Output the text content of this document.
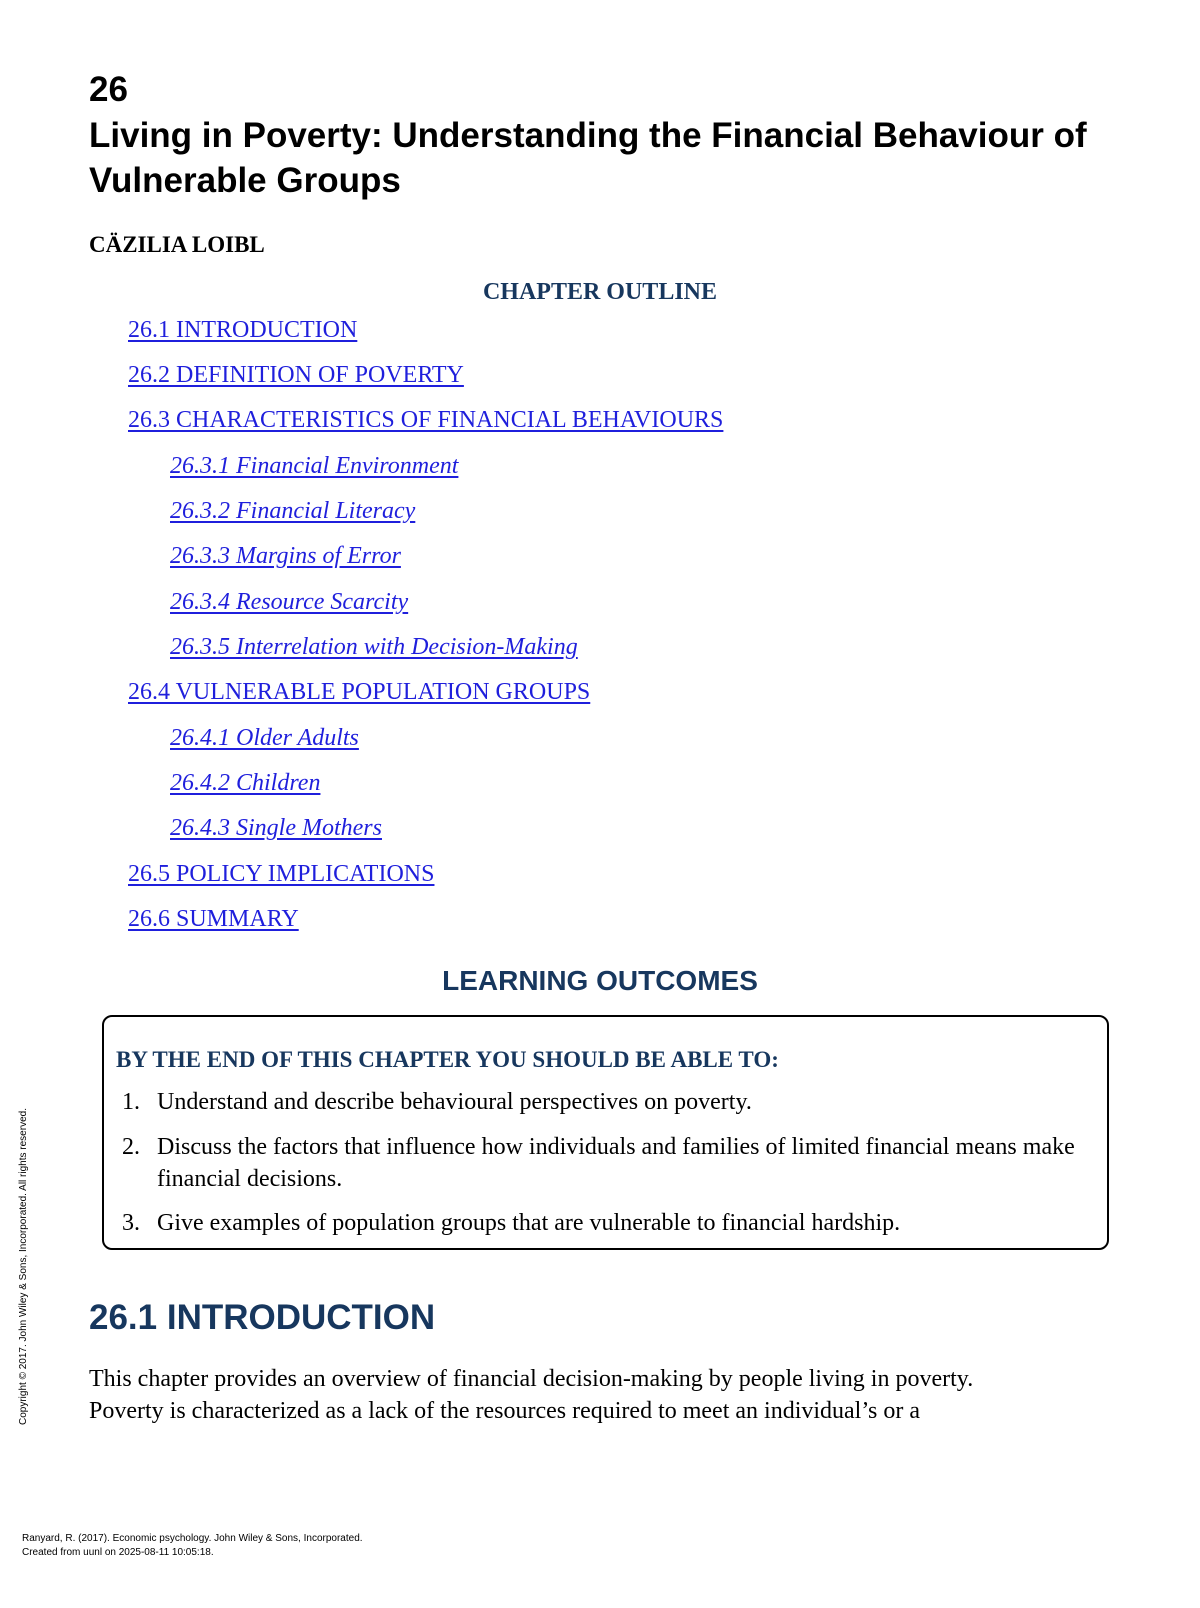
26
Living in Poverty: Understanding the Financial Behaviour of Vulnerable Groups
CÄZILIA LOIBL
CHAPTER OUTLINE
26.1 INTRODUCTION
26.2 DEFINITION OF POVERTY
26.3 CHARACTERISTICS OF FINANCIAL BEHAVIOURS
26.3.1 Financial Environment
26.3.2 Financial Literacy
26.3.3 Margins of Error
26.3.4 Resource Scarcity
26.3.5 Interrelation with Decision-Making
26.4 VULNERABLE POPULATION GROUPS
26.4.1 Older Adults
26.4.2 Children
26.4.3 Single Mothers
26.5 POLICY IMPLICATIONS
26.6 SUMMARY
LEARNING OUTCOMES
BY THE END OF THIS CHAPTER YOU SHOULD BE ABLE TO:
1. Understand and describe behavioural perspectives on poverty.
2. Discuss the factors that influence how individuals and families of limited financial means make financial decisions.
3. Give examples of population groups that are vulnerable to financial hardship.
26.1 INTRODUCTION
This chapter provides an overview of financial decision-making by people living in poverty.
Poverty is characterized as a lack of the resources required to meet an individual’s or a
Copyright © 2017. John Wiley & Sons, Incorporated. All rights reserved.
Ranyard, R. (2017). Economic psychology. John Wiley & Sons, Incorporated.
Created from uunl on 2025-08-11 10:05:18.
